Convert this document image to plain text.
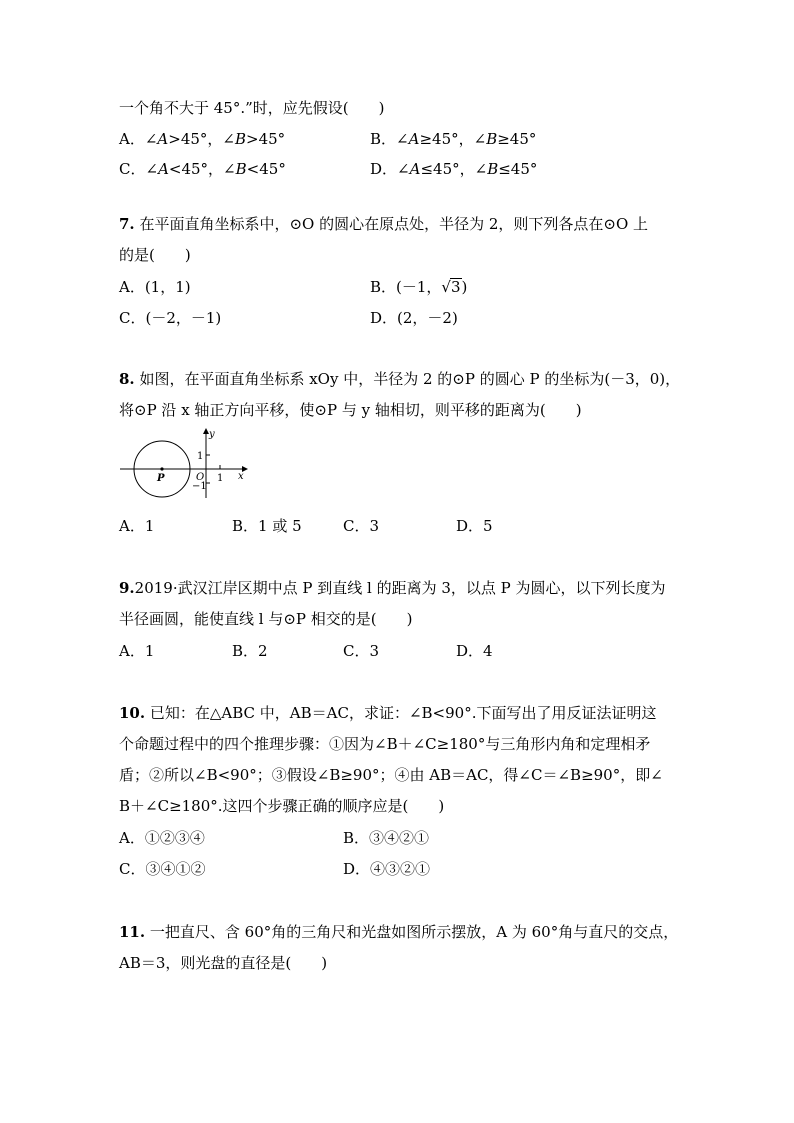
一个角不大于 45°.”时，应先假设(　　)
A．∠A>45°，∠B>45°	B．∠A≥45°，∠B≥45°
C．∠A<45°，∠B<45°	D．∠A≤45°，∠B≤45°
7. 在平面直角坐标系中，⊙O 的圆心在原点处，半径为 2，则下列各点在⊙O 上
的是(　　)
A．(1，1)	B．(－1，√3)
C．(－2，－1)	D．(2，－2)
8. 如图，在平面直角坐标系 xOy 中，半径为 2 的⊙P 的圆心 P 的坐标为(－3，0)，
将⊙P 沿 x 轴正方向平移，使⊙P 与 y 轴相切，则平移的距离为(　　)
y
x
O
P
1
−1
1
A．1	B．1 或 5	C．3	D．5
9.2019·武汉江岸区期中点 P 到直线 l 的距离为 3，以点 P 为圆心，以下列长度为
半径画圆，能使直线 l 与⊙P 相交的是(　　)
A．1	B．2	C．3	D．4
10. 已知：在△ABC 中，AB＝AC，求证：∠B<90°.下面写出了用反证法证明这
个命题过程中的四个推理步骤：①因为∠B＋∠C≥180°与三角形内角和定理相矛
盾；②所以∠B<90°；③假设∠B≥90°；④由 AB＝AC，得∠C＝∠B≥90°，即∠
B＋∠C≥180°.这四个步骤正确的顺序应是(　　)
A．①②③④	B．③④②①
C．③④①②	D．④③②①
11. 一把直尺、含 60°角的三角尺和光盘如图所示摆放，A 为 60°角与直尺的交点，
AB＝3，则光盘的直径是(　　)
